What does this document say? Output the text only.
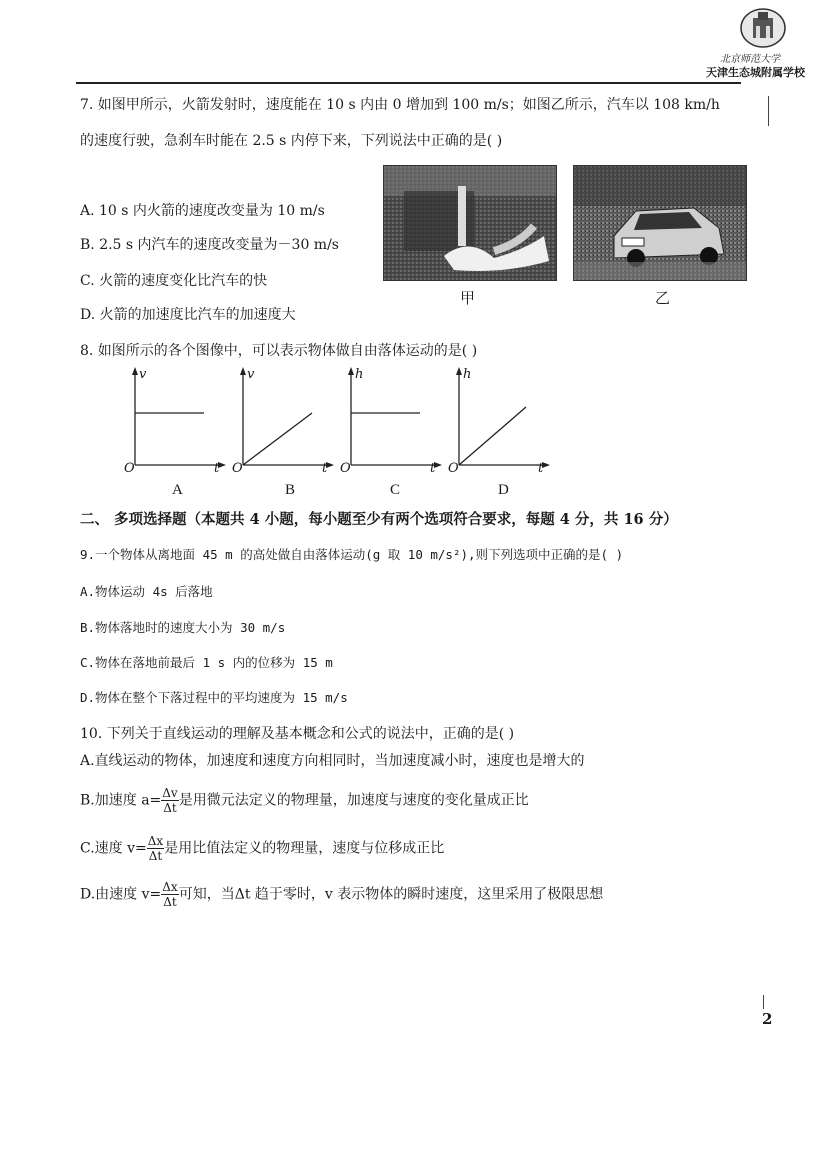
北京师范大学
天津生态城附属学校
7. 如图甲所示，火箭发射时，速度能在 10 s 内由 0 增加到 100 m/s；如图乙所示，汽车以 108 km/h
的速度行驶，急刹车时能在 2.5 s 内停下来，下列说法中正确的是( )
A. 10 s 内火箭的速度改变量为 10 m/s
B. 2.5 s 内汽车的速度改变量为－30 m/s
C. 火箭的速度变化比汽车的快
D. 火箭的加速度比汽车的加速度大
甲	乙
8. 如图所示的各个图像中，可以表示物体做自由落体运动的是( )
v
O	t
A
v
O	t
B
h
O	t
C
h
O	t
D
二、 多项选择题（本题共 4 小题，每小题至少有两个选项符合要求，每题 4 分，共 16 分）
9.一个物体从离地面 45 m 的高处做自由落体运动(g 取 10 m/s²),则下列选项中正确的是( )
A.物体运动 4s 后落地
B.物体落地时的速度大小为 30 m/s
C.物体在落地前最后 1 s 内的位移为 15 m
D.物体在整个下落过程中的平均速度为 15 m/s
10. 下列关于直线运动的理解及基本概念和公式的说法中，正确的是( )
A.直线运动的物体，加速度和速度方向相同时，当加速度减小时，速度也是增大的
B.加速度 $a= \frac{\Delta v}{\Delta t}$ 是用微元法定义的物理量，加速度与速度的变化量成正比
C.速度 $v= \frac{\Delta x}{\Delta t}$ 是用比值法定义的物理量，速度与位移成正比
D.由速度 $v= \frac{\Delta x}{\Delta t}$ 可知，当Δt 趋于零时，v 表示物体的瞬时速度，这里采用了极限思想
2
